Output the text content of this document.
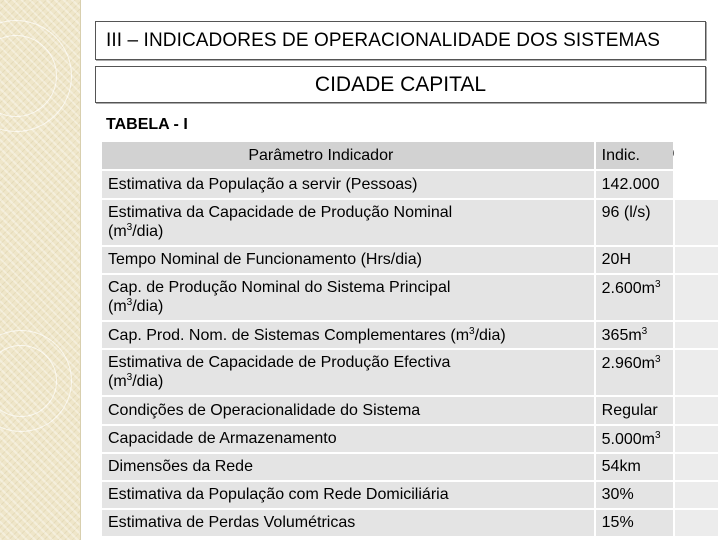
III – INDICADORES DE OPERACIONALIDADE DOS SISTEMAS
CIDADE CAPITAL
TABELA - I
Parâmetro Indicador	Indic.	
Estimativa da População a servir (Pessoas)	142.000	
Estimativa da Capacidade de Produção Nominal
$(m^3/dia)$	96 (l/s)	
Tempo Nominal de Funcionamento (Hrs/dia)	20H	
Cap. de Produção Nominal do Sistema Principal
$(m^3/dia)$	$2.600m^3$	
Cap. Prod. Nom. de Sistemas Complementares $(m^3/dia)$	$365m^3$	
Estimativa de Capacidade de Produção Efectiva
$(m^3/dia)$	$2.960m^3$	
Condições de Operacionalidade do Sistema	Regular	
Capacidade de Armazenamento	$5.000m^3$	
Dimensões da Rede	54km	
Estimativa da População com Rede Domiciliária	30%	
Estimativa de Perdas Volumétricas	15%	
